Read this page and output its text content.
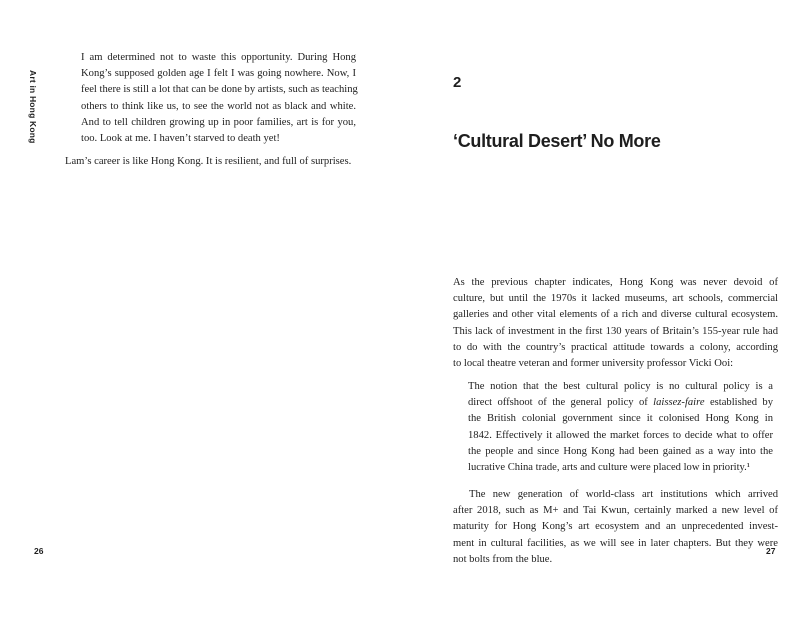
Art in Hong Kong

I am determined not to waste this opportunity. During Hong
Kong’s supposed golden age I felt I was going nowhere. Now, I
feel there is still a lot that can be done by artists, such as teaching
others to think like us, to see the world not as black and white.
And to tell children growing up in poor families, art is for you,
too. Look at me. I haven’t starved to death yet!

Lam’s career is like Hong Kong. It is resilient, and full of surprises.

26
2
‘Cultural Desert’ No More

As the previous chapter indicates, Hong Kong was never devoid of
culture, but until the 1970s it lacked museums, art schools, commercial
galleries and other vital elements of a rich and diverse cultural ecosystem.
This lack of investment in the first 130 years of Britain’s 155-year rule had
to do with the country’s practical attitude towards a colony, according
to local theatre veteran and former university professor Vicki Ooi:

The notion that the best cultural policy is no cultural policy is a
direct offshoot of the general policy of laissez-faire established by
the British colonial government since it colonised Hong Kong in
1842. Effectively it allowed the market forces to decide what to offer
the people and since Hong Kong had been gained as a way into the
lucrative China trade, arts and culture were placed low in priority.¹

The new generation of world-class art institutions which arrived
after 2018, such as M+ and Tai Kwun, certainly marked a new level of
maturity for Hong Kong’s art ecosystem and an unprecedented invest-
ment in cultural facilities, as we will see in later chapters. But they were
not bolts from the blue.

27
